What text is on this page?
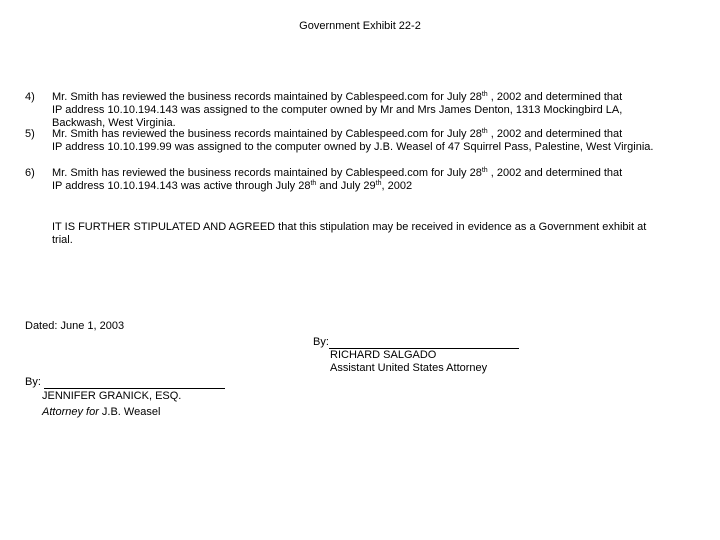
Government Exhibit 22-2
4) Mr. Smith has reviewed the business records maintained by Cablespeed.com for July 28th , 2002 and determined that
IP address 10.10.194.143 was assigned to the computer owned by Mr and Mrs James Denton, 1313 Mockingbird LA, Backwash, West Virginia.
5) Mr. Smith has reviewed the business records maintained by Cablespeed.com for July 28th , 2002 and determined that
IP address 10.10.199.99 was assigned to the computer owned by J.B. Weasel of 47 Squirrel Pass, Palestine, West Virginia.
6) Mr. Smith has reviewed the business records maintained by Cablespeed.com for July 28th , 2002 and determined that
IP address 10.10.194.143 was active through July 28th and July 29th, 2002
IT IS FURTHER STIPULATED AND AGREED that this stipulation may be received in evidence as a Government exhibit at trial.
Dated: June 1, 2003
By:
RICHARD SALGADO
Assistant United States Attorney
By:
JENNIFER GRANICK, ESQ.
Attorney for J.B. Weasel
